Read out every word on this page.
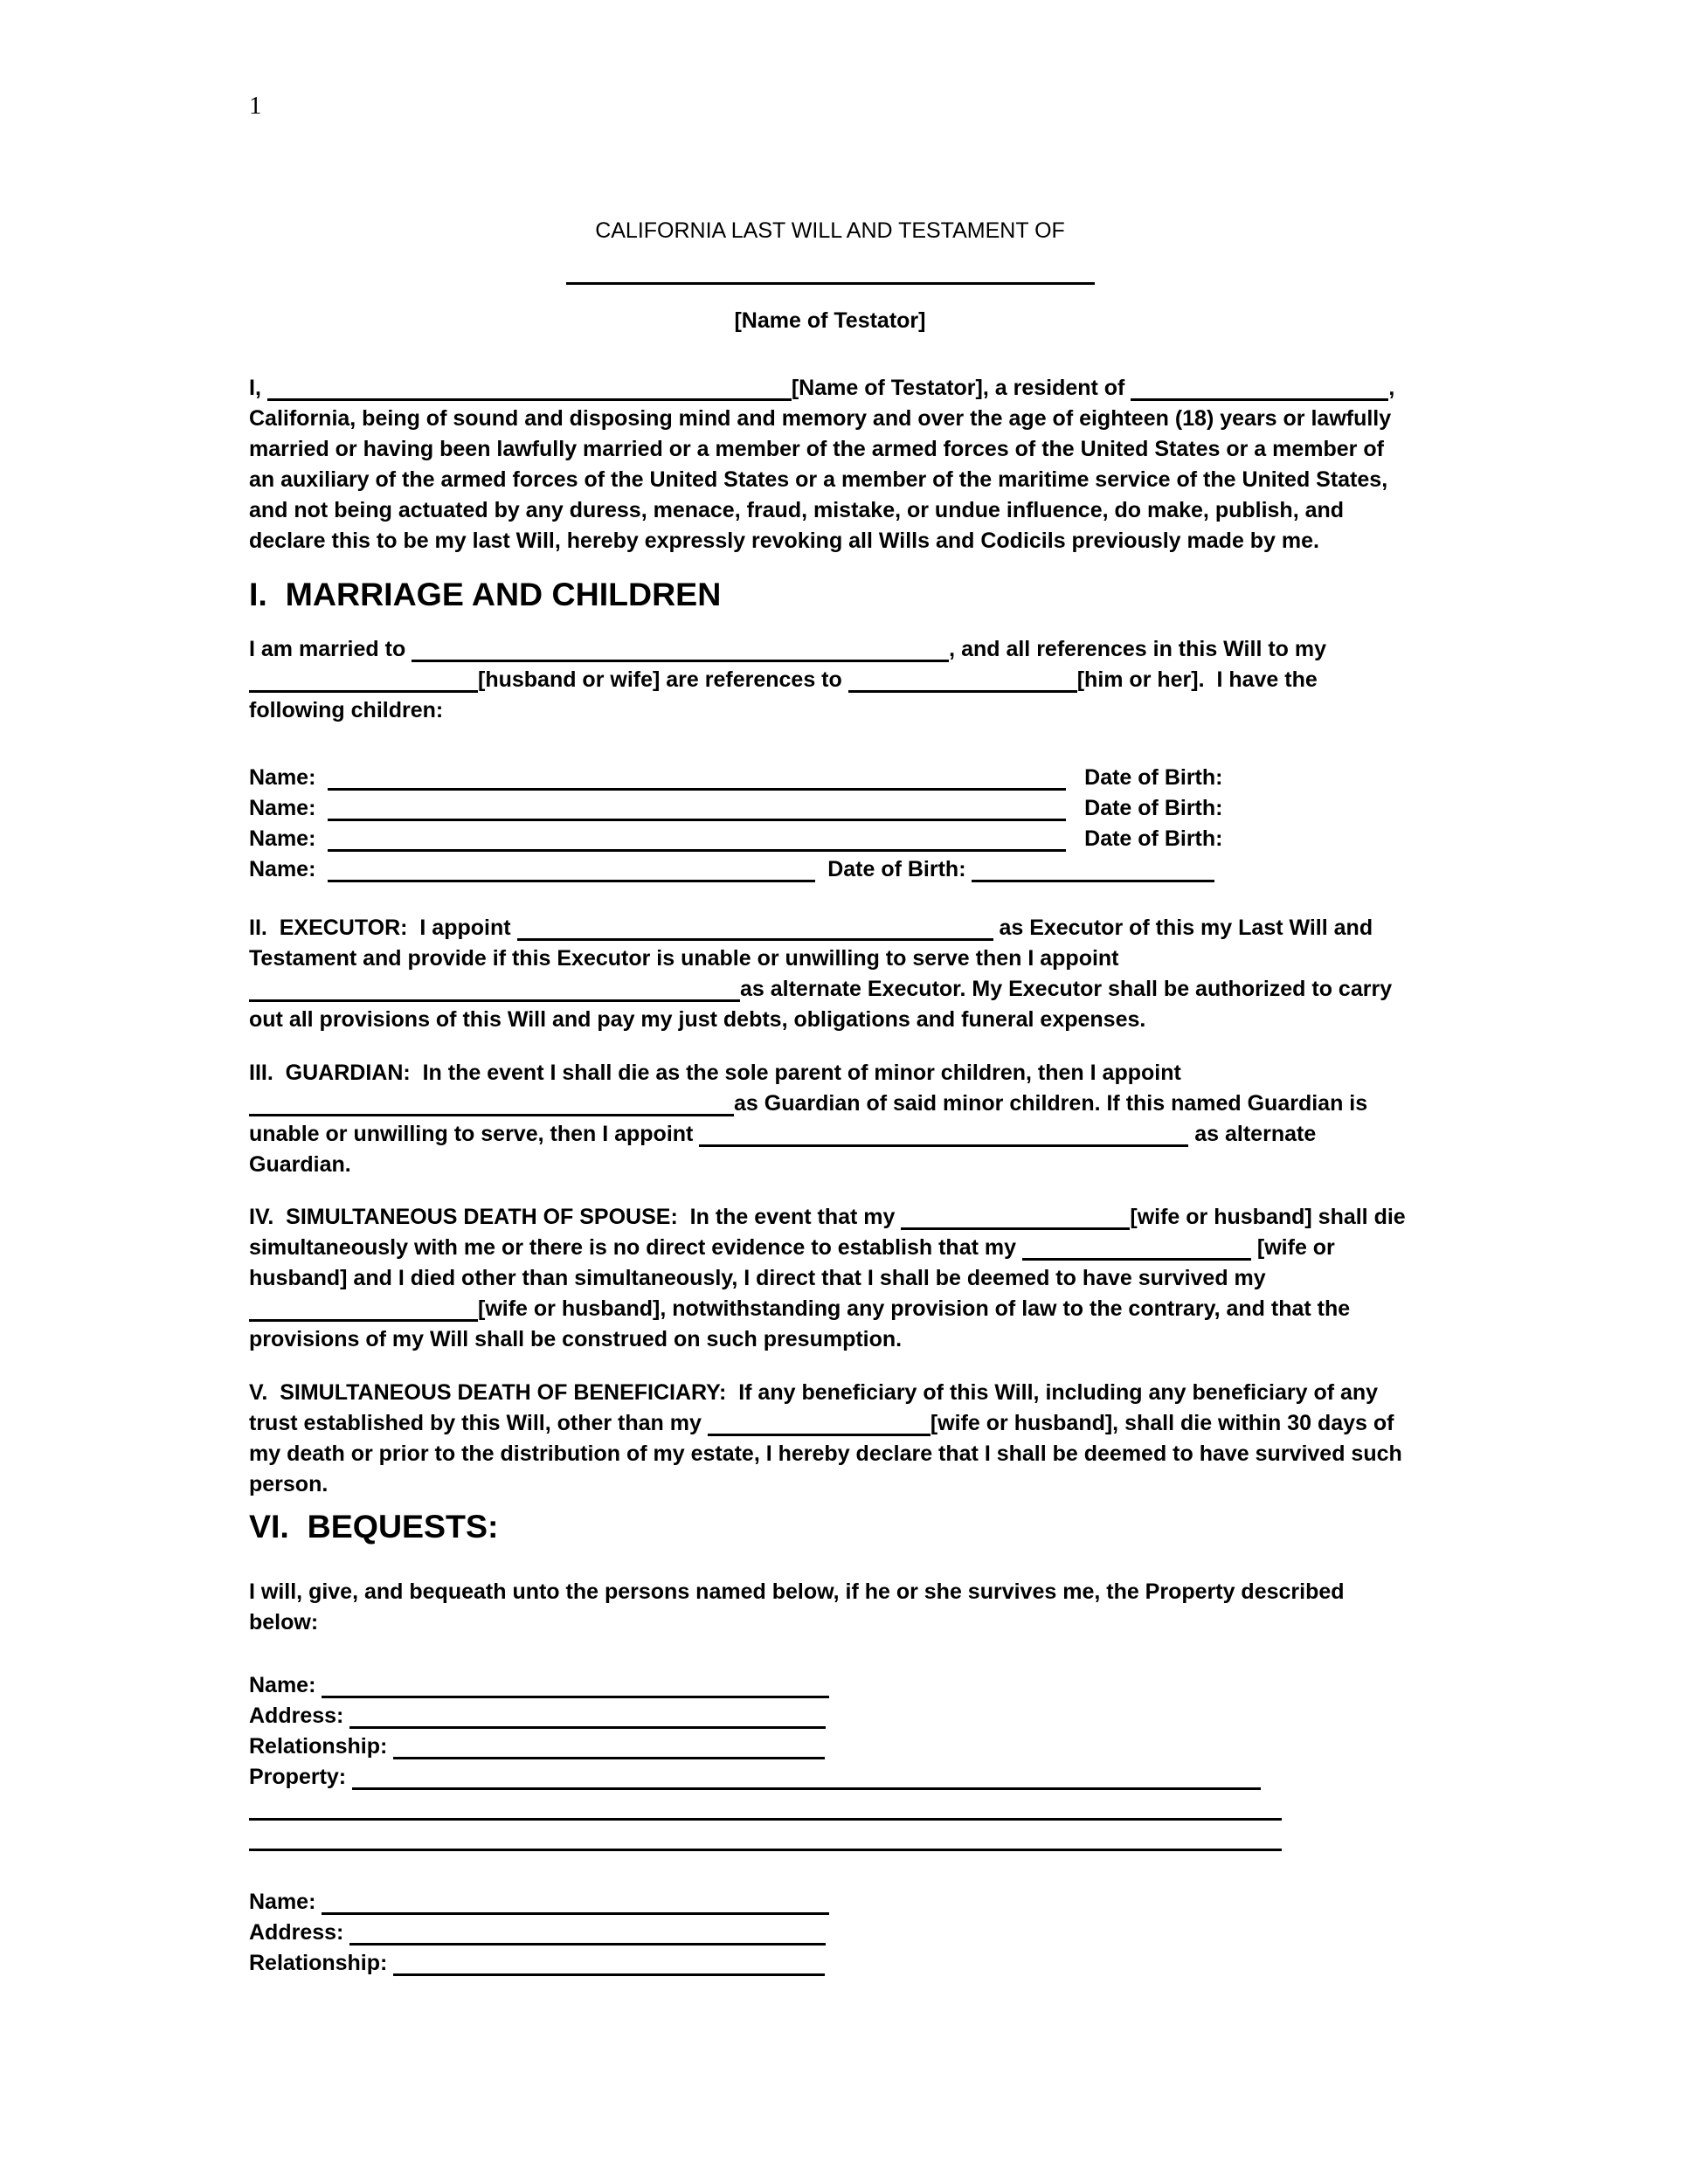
1
CALIFORNIA LAST WILL AND TESTAMENT OF
[Name of Testator]

I,	[Name of Testator], a resident of	, California, being of sound and disposing mind and memory and over the age of eighteen (18) years or lawfully married or having been lawfully married or a member of the armed forces of the United States or a member of an auxiliary of the armed forces of the United States or a member of the maritime service of the United States, and not being actuated by any duress, menace, fraud, mistake, or undue influence, do make, publish, and declare this to be my last Will, hereby expressly revoking all Wills and Codicils previously made by me.

I.  MARRIAGE AND CHILDREN

I am married to	, and all references in this Will to my [husband or wife] are references to	[him or her].  I have the following children:

Name:	Date of Birth:
Name:	Date of Birth:
Name:	Date of Birth:
Name:	Date of Birth:

II.  EXECUTOR:  I appoint	as Executor of this my Last Will and Testament and provide if this Executor is unable or unwilling to serve then I appoint as alternate Executor. My Executor shall be authorized to carry out all provisions of this Will and pay my just debts, obligations and funeral expenses.

III.  GUARDIAN:  In the event I shall die as the sole parent of minor children, then I appoint as Guardian of said minor children. If this named Guardian is unable or unwilling to serve, then I appoint	as alternate Guardian.

IV.  SIMULTANEOUS DEATH OF SPOUSE:  In the event that my	[wife or husband] shall die simultaneously with me or there is no direct evidence to establish that my	[wife or husband] and I died other than simultaneously, I direct that I shall be deemed to have survived my [wife or husband], notwithstanding any provision of law to the contrary, and that the provisions of my Will shall be construed on such presumption.

V.  SIMULTANEOUS DEATH OF BENEFICIARY:  If any beneficiary of this Will, including any beneficiary of any trust established by this Will, other than my	[wife or husband], shall die within 30 days of my death or prior to the distribution of my estate, I hereby declare that I shall be deemed to have survived such person.

VI.  BEQUESTS:

I will, give, and bequeath unto the persons named below, if he or she survives me, the Property described below:

Name:
Address:
Relationship:
Property:
Name:
Address:
Relationship:
